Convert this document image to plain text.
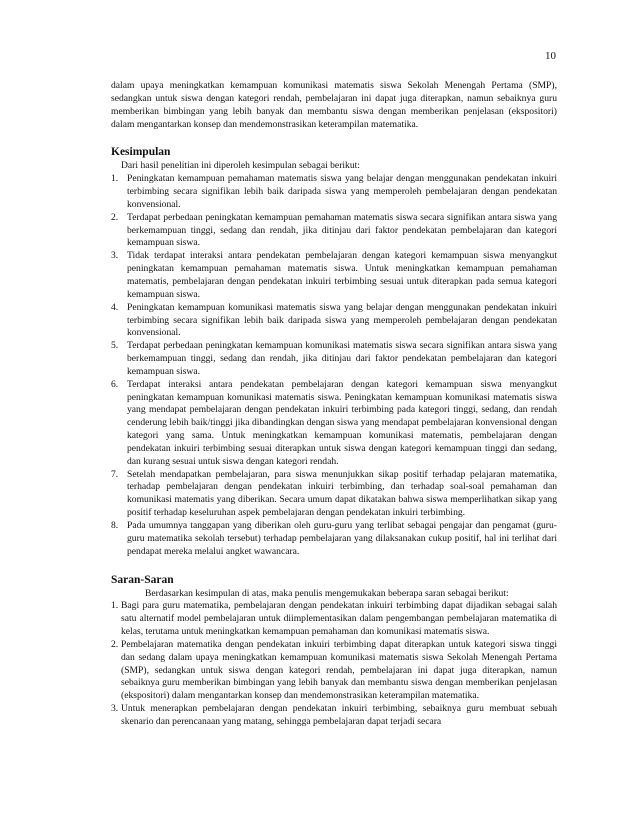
10

dalam upaya meningkatkan kemampuan komunikasi matematis siswa Sekolah Menengah Pertama (SMP), sedangkan untuk siswa dengan kategori rendah, pembelajaran ini dapat juga diterapkan, namun sebaiknya guru memberikan bimbingan yang lebih banyak dan membantu siswa dengan memberikan penjelasan (ekspositori) dalam mengantarkan konsep dan mendemonstrasikan keterampilan matematika.

Kesimpulan

Dari hasil penelitian ini diperoleh kesimpulan sebagai berikut:

1. Peningkatan kemampuan pemahaman matematis siswa yang belajar dengan menggunakan pendekatan inkuiri terbimbing secara signifikan lebih baik daripada siswa yang memperoleh pembelajaran dengan pendekatan konvensional.
2. Terdapat perbedaan peningkatan kemampuan pemahaman matematis siswa secara signifikan antara siswa yang berkemampuan tinggi, sedang dan rendah, jika ditinjau dari faktor pendekatan pembelajaran dan kategori kemampuan siswa.
3. Tidak terdapat interaksi antara pendekatan pembelajaran dengan kategori kemampuan siswa menyangkut peningkatan kemampuan pemahaman matematis siswa. Untuk meningkatkan kemampuan pemahaman matematis, pembelajaran dengan pendekatan inkuiri terbimbing sesuai untuk diterapkan pada semua kategori kemampuan siswa.
4. Peningkatan kemampuan komunikasi matematis siswa yang belajar dengan menggunakan pendekatan inkuiri terbimbing secara signifikan lebih baik daripada siswa yang memperoleh pembelajaran dengan pendekatan konvensional.
5. Terdapat perbedaan peningkatan kemampuan komunikasi matematis siswa secara signifikan antara siswa yang berkemampuan tinggi, sedang dan rendah, jika ditinjau dari faktor pendekatan pembelajaran dan kategori kemampuan siswa.
6. Terdapat interaksi antara pendekatan pembelajaran dengan kategori kemampuan siswa menyangkut peningkatan kemampuan komunikasi matematis siswa. Peningkatan kemampuan komunikasi matematis siswa yang mendapat pembelajaran dengan pendekatan inkuiri terbimbing pada kategori tinggi, sedang, dan rendah cenderung lebih baik/tinggi jika dibandingkan dengan siswa yang mendapat pembelajaran konvensional dengan kategori yang sama. Untuk meningkatkan kemampuan komunikasi matematis, pembelajaran dengan pendekatan inkuiri terbimbing sesuai diterapkan untuk siswa dengan kategori kemampuan tinggi dan sedang, dan kurang sesuai untuk siswa dengan kategori rendah.
7. Setelah mendapatkan pembelajaran, para siswa menunjukkan sikap positif terhadap pelajaran matematika, terhadap pembelajaran dengan pendekatan inkuiri terbimbing, dan terhadap soal-soal pemahaman dan komunikasi matematis yang diberikan. Secara umum dapat dikatakan bahwa siswa memperlihatkan sikap yang positif terhadap keseluruhan aspek pembelajaran dengan pendekatan inkuiri terbimbing.
8. Pada umumnya tanggapan yang diberikan oleh guru-guru yang terlibat sebagai pengajar dan pengamat (guru-guru matematika sekolah tersebut) terhadap pembelajaran yang dilaksanakan cukup positif, hal ini terlihat dari pendapat mereka melalui angket wawancara.
Saran-Saran

Berdasarkan kesimpulan di atas, maka penulis mengemukakan beberapa saran sebagai berikut:

1. Bagi para guru matematika, pembelajaran dengan pendekatan inkuiri terbimbing dapat dijadikan sebagai salah satu alternatif model pembelajaran untuk diimplementasikan dalam pengembangan pembelajaran matematika di kelas, terutama untuk meningkatkan kemampuan pemahaman dan komunikasi matematis siswa.
2. Pembelajaran matematika dengan pendekatan inkuiri terbimbing dapat diterapkan untuk kategori siswa tinggi dan sedang dalam upaya meningkatkan kemampuan komunikasi matematis siswa Sekolah Menengah Pertama (SMP), sedangkan untuk siswa dengan kategori rendah, pembelajaran ini dapat juga diterapkan, namun sebaiknya guru memberikan bimbingan yang lebih banyak dan membantu siswa dengan memberikan penjelasan (ekspositori) dalam mengantarkan konsep dan mendemonstrasikan keterampilan matematika.
3. Untuk menerapkan pembelajaran dengan pendekatan inkuiri terbimbing, sebaiknya guru membuat sebuah skenario dan perencanaan yang matang, sehingga pembelajaran dapat terjadi secara
